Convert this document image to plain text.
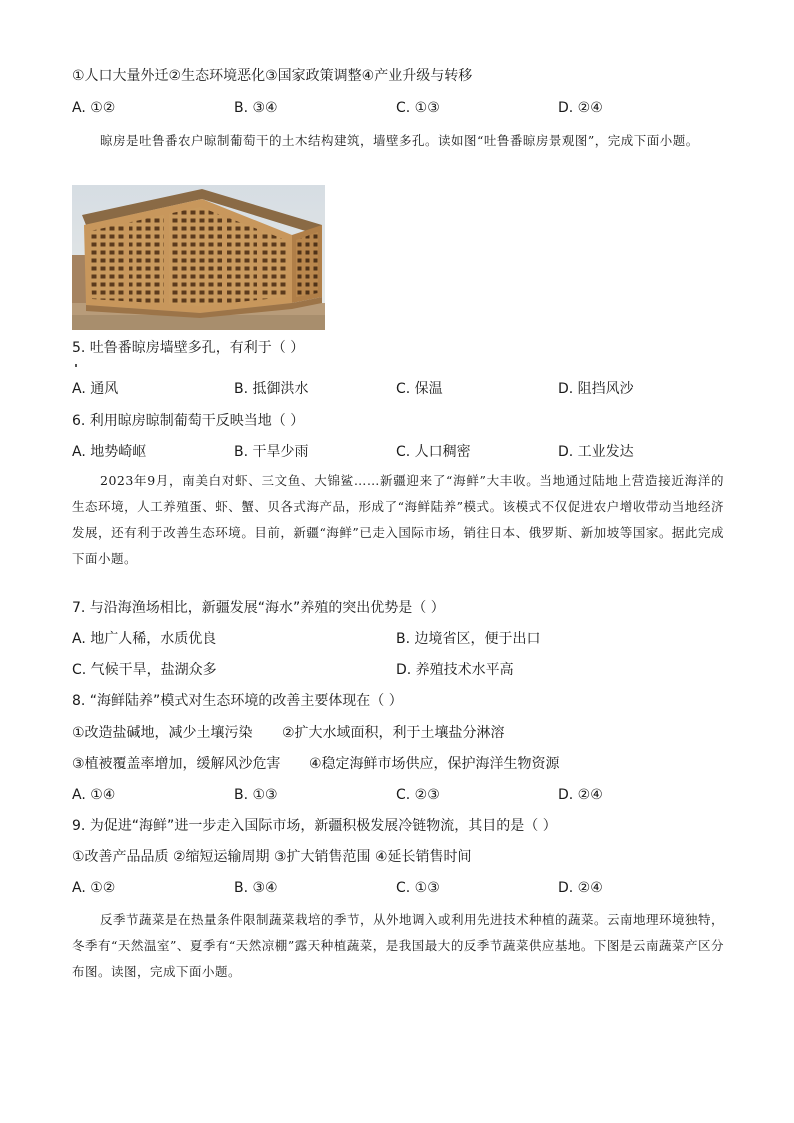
①人口大量外迁②生态环境恶化③国家政策调整④产业升级与转移
A. ①②	B. ③④	C. ①③	D. ②④
晾房是吐鲁番农户晾制葡萄干的土木结构建筑，墙壁多孔。读如图“吐鲁番晾房景观图”，完成下面小题。
5. 吐鲁番晾房墙壁多孔，有利于（ ）
A. 通风	B. 抵御洪水	C. 保温	D. 阻挡风沙
6. 利用晾房晾制葡萄干反映当地（ ）
A. 地势崎岖	B. 干旱少雨	C. 人口稠密	D. 工业发达
2023年9月，南美白对虾、三文鱼、大锦鲨……新疆迎来了“海鲜”大丰收。当地通过陆地上营造接近海洋的生态环境，人工养殖蛋、虾、蟹、贝各式海产品，形成了“海鲜陆养”模式。该模式不仅促进农户增收带动当地经济发展，还有利于改善生态环境。目前，新疆“海鲜”已走入国际市场，销往日本、俄罗斯、新加坡等国家。据此完成下面小题。
7. 与沿海渔场相比，新疆发展“海水”养殖的突出优势是（ ）
A. 地广人稀，水质优良	B. 边境省区，便于出口
C. 气候干旱，盐湖众多	D. 养殖技术水平高
8. “海鲜陆养”模式对生态环境的改善主要体现在（ ）
①改造盐碱地，减少土壤污染 ②扩大水域面积，利于土壤盐分淋溶
③植被覆盖率增加，缓解风沙危害 ④稳定海鲜市场供应，保护海洋生物资源
A. ①④	B. ①③	C. ②③	D. ②④
9. 为促进“海鲜”进一步走入国际市场，新疆积极发展冷链物流，其目的是（ ）
①改善产品品质 ②缩短运输周期 ③扩大销售范围 ④延长销售时间
A. ①②	B. ③④	C. ①③	D. ②④
反季节蔬菜是在热量条件限制蔬菜栽培的季节，从外地调入或利用先进技术种植的蔬菜。云南地理环境独特，冬季有“天然温室”、夏季有“天然凉棚”露天种植蔬菜，是我国最大的反季节蔬菜供应基地。下图是云南蔬菜产区分布图。读图，完成下面小题。
